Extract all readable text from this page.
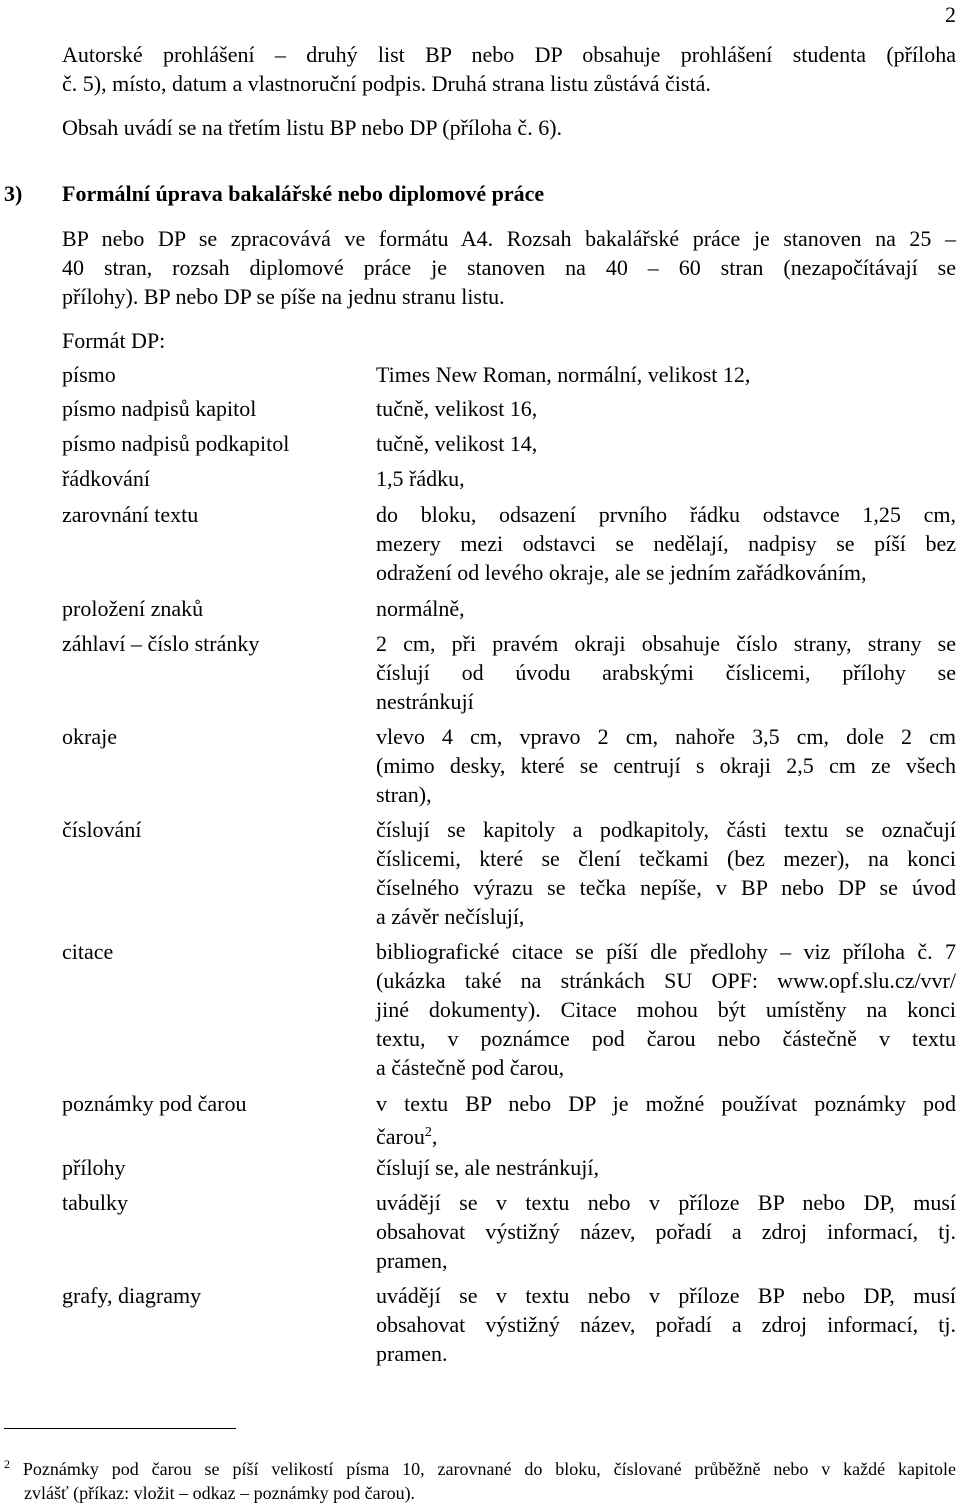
2
Autorské prohlášení – druhý list BP nebo DP obsahuje prohlášení studenta (příloha
č. 5), místo, datum a vlastnoruční podpis. Druhá strana listu zůstává čistá.
Obsah uvádí se na třetím listu BP nebo DP (příloha č. 6).
3) Formální úprava bakalářské nebo diplomové práce
BP nebo DP se zpracovává ve formátu A4. Rozsah bakalářské práce je stanoven na 25 –
40 stran, rozsah diplomové práce je stanoven na 40 – 60 stran (nezapočítávají se
přílohy). BP nebo DP se píše na jednu stranu listu.
Formát DP:
písmo	Times New Roman, normální, velikost 12,
písmo nadpisů kapitol	tučně, velikost 16,
písmo nadpisů podkapitol	tučně, velikost 14,
řádkování	1,5 řádku,
zarovnání textu	do bloku, odsazení prvního řádku odstavce 1,25 cm,
mezery mezi odstavci se nedělají, nadpisy se píší bez
odražení od levého okraje, ale se jedním zařádkováním,
proložení znaků	normálně,
záhlaví – číslo stránky	2 cm, při pravém okraji obsahuje číslo strany, strany se
číslují od úvodu arabskými číslicemi, přílohy se
nestránkují
okraje	vlevo 4 cm, vpravo 2 cm, nahoře 3,5 cm, dole 2 cm
(mimo desky, které se centrují s okraji 2,5 cm ze všech
stran),
číslování	číslují se kapitoly a podkapitoly, části textu se označují
číslicemi, které se člení tečkami (bez mezer), na konci
číselného výrazu se tečka nepíše, v BP nebo DP se úvod
a závěr nečíslují,
citace	bibliografické citace se píší dle předlohy – viz příloha č. 7
(ukázka také na stránkách SU OPF: www.opf.slu.cz/vvr/
jiné dokumenty). Citace mohou být umístěny na konci
textu, v poznámce pod čarou nebo částečně v textu
a částečně pod čarou,
poznámky pod čarou	v textu BP nebo DP je možné používat poznámky pod
čarou$^2$,
přílohy	číslují se, ale nestránkují,
tabulky	uvádějí se v textu nebo v příloze BP nebo DP, musí
obsahovat výstižný název, pořadí a zdroj informací, tj.
pramen,
grafy, diagramy	uvádějí se v textu nebo v příloze BP nebo DP, musí
obsahovat výstižný název, pořadí a zdroj informací, tj.
pramen.
$^2$ Poznámky pod čarou se píší velikostí písma 10, zarovnané do bloku, číslované průběžně nebo v každé kapitole
zvlášť (příkaz: vložit – odkaz – poznámky pod čarou).
